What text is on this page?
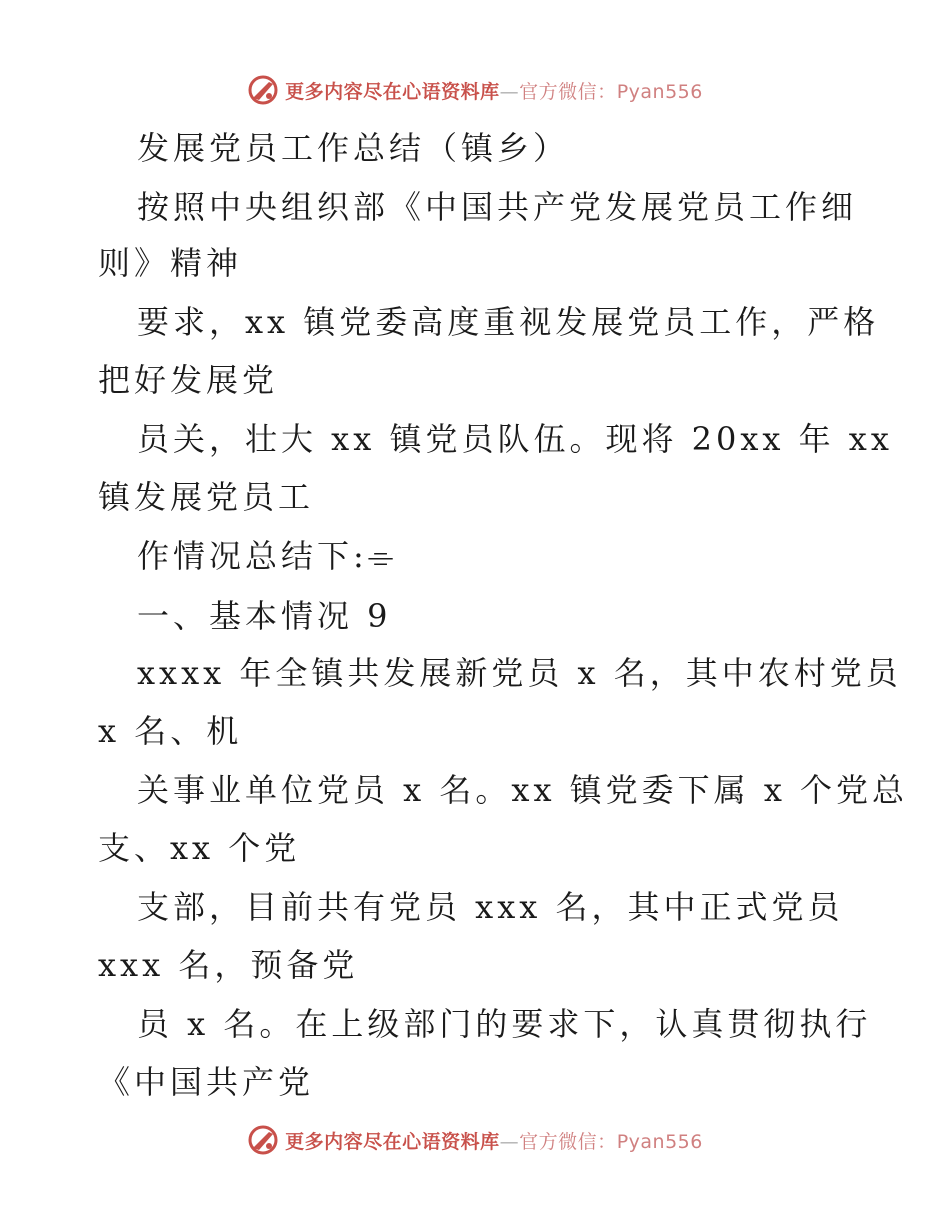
更多内容尽在心语资料库—官方微信：Pyan556
发展党员工作总结（镇乡）
按照中央组织部《中国共产党发展党员工作细
则》精神
要求，xx 镇党委高度重视发展党员工作，严格
把好发展党
员关，壮大 xx 镇党员队伍。现将 20xx 年 xx
镇发展党员工
作情况总结下:⌯
一、基本情况 9
xxxx 年全镇共发展新党员 x 名，其中农村党员
x 名、机
关事业单位党员 x 名。xx 镇党委下属 x 个党总
支、xx 个党
支部，目前共有党员 xxx 名，其中正式党员
xxx 名，预备党
员 x 名。在上级部门的要求下，认真贯彻执行
《中国共产党
更多内容尽在心语资料库—官方微信：Pyan556
